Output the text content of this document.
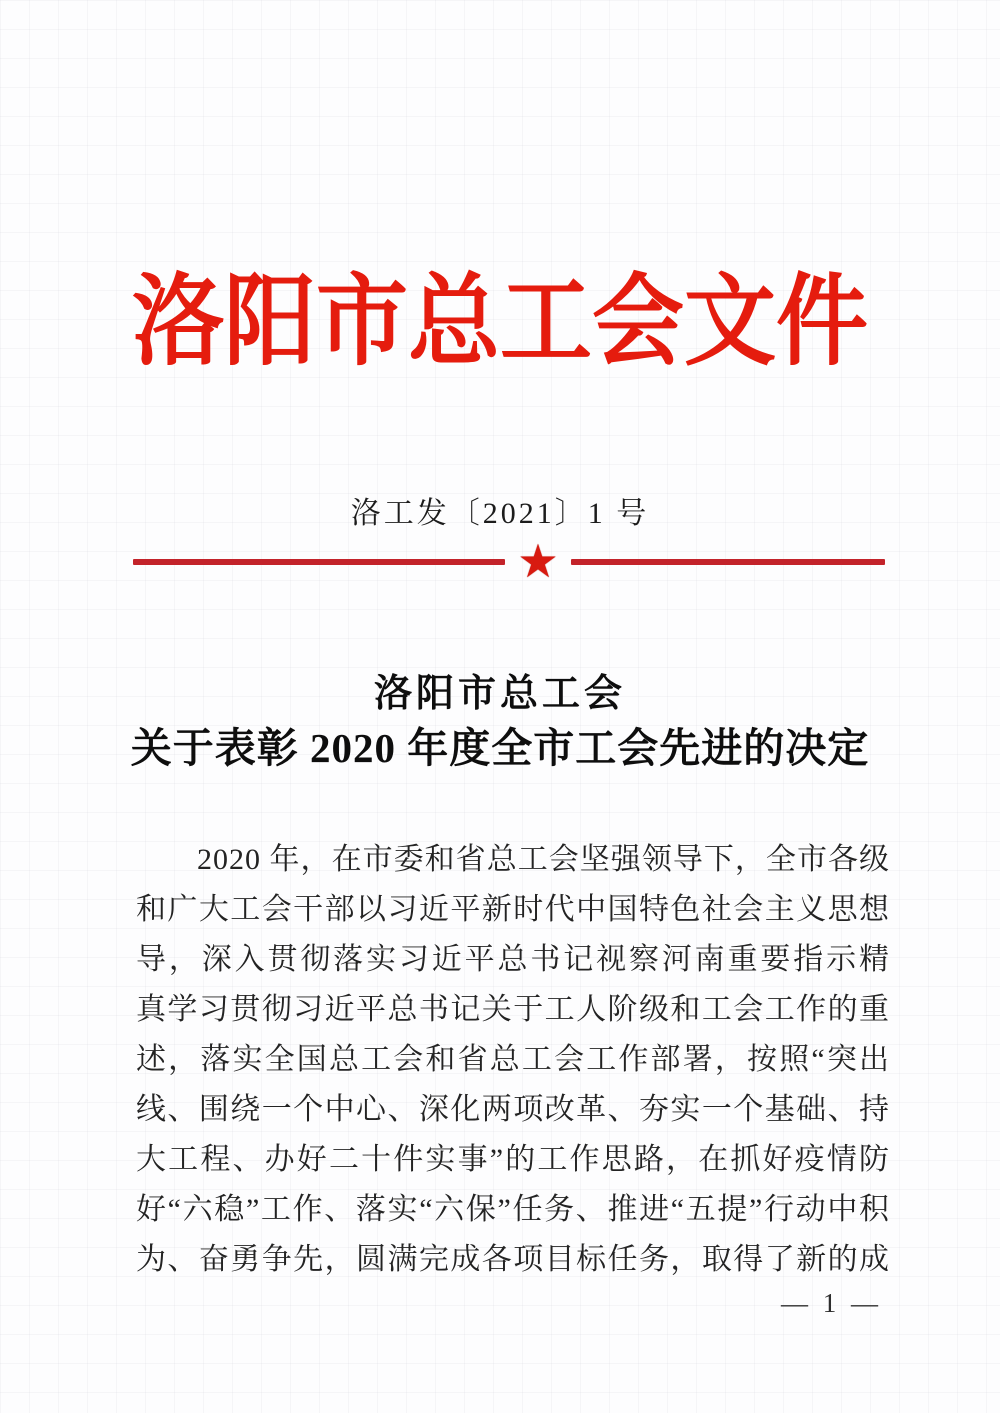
洛阳市总工会文件
洛工发〔2021〕1 号
★
洛阳市总工会
关于表彰 2020 年度全市工会先进的决定
2020 年，在市委和省总工会坚强领导下，全市各级
和广大工会干部以习近平新时代中国特色社会主义思想
导，深入贯彻落实习近平总书记视察河南重要指示精
真学习贯彻习近平总书记关于工人阶级和工会工作的重
述，落实全国总工会和省总工会工作部署，按照“突出
线、围绕一个中心、深化两项改革、夯实一个基础、持
大工程、办好二十件实事”的工作思路，在抓好疫情防
好“六稳”工作、落实“六保”任务、推进“五提”行动中积
为、奋勇争先，圆满完成各项目标任务，取得了新的成
— 1 —
